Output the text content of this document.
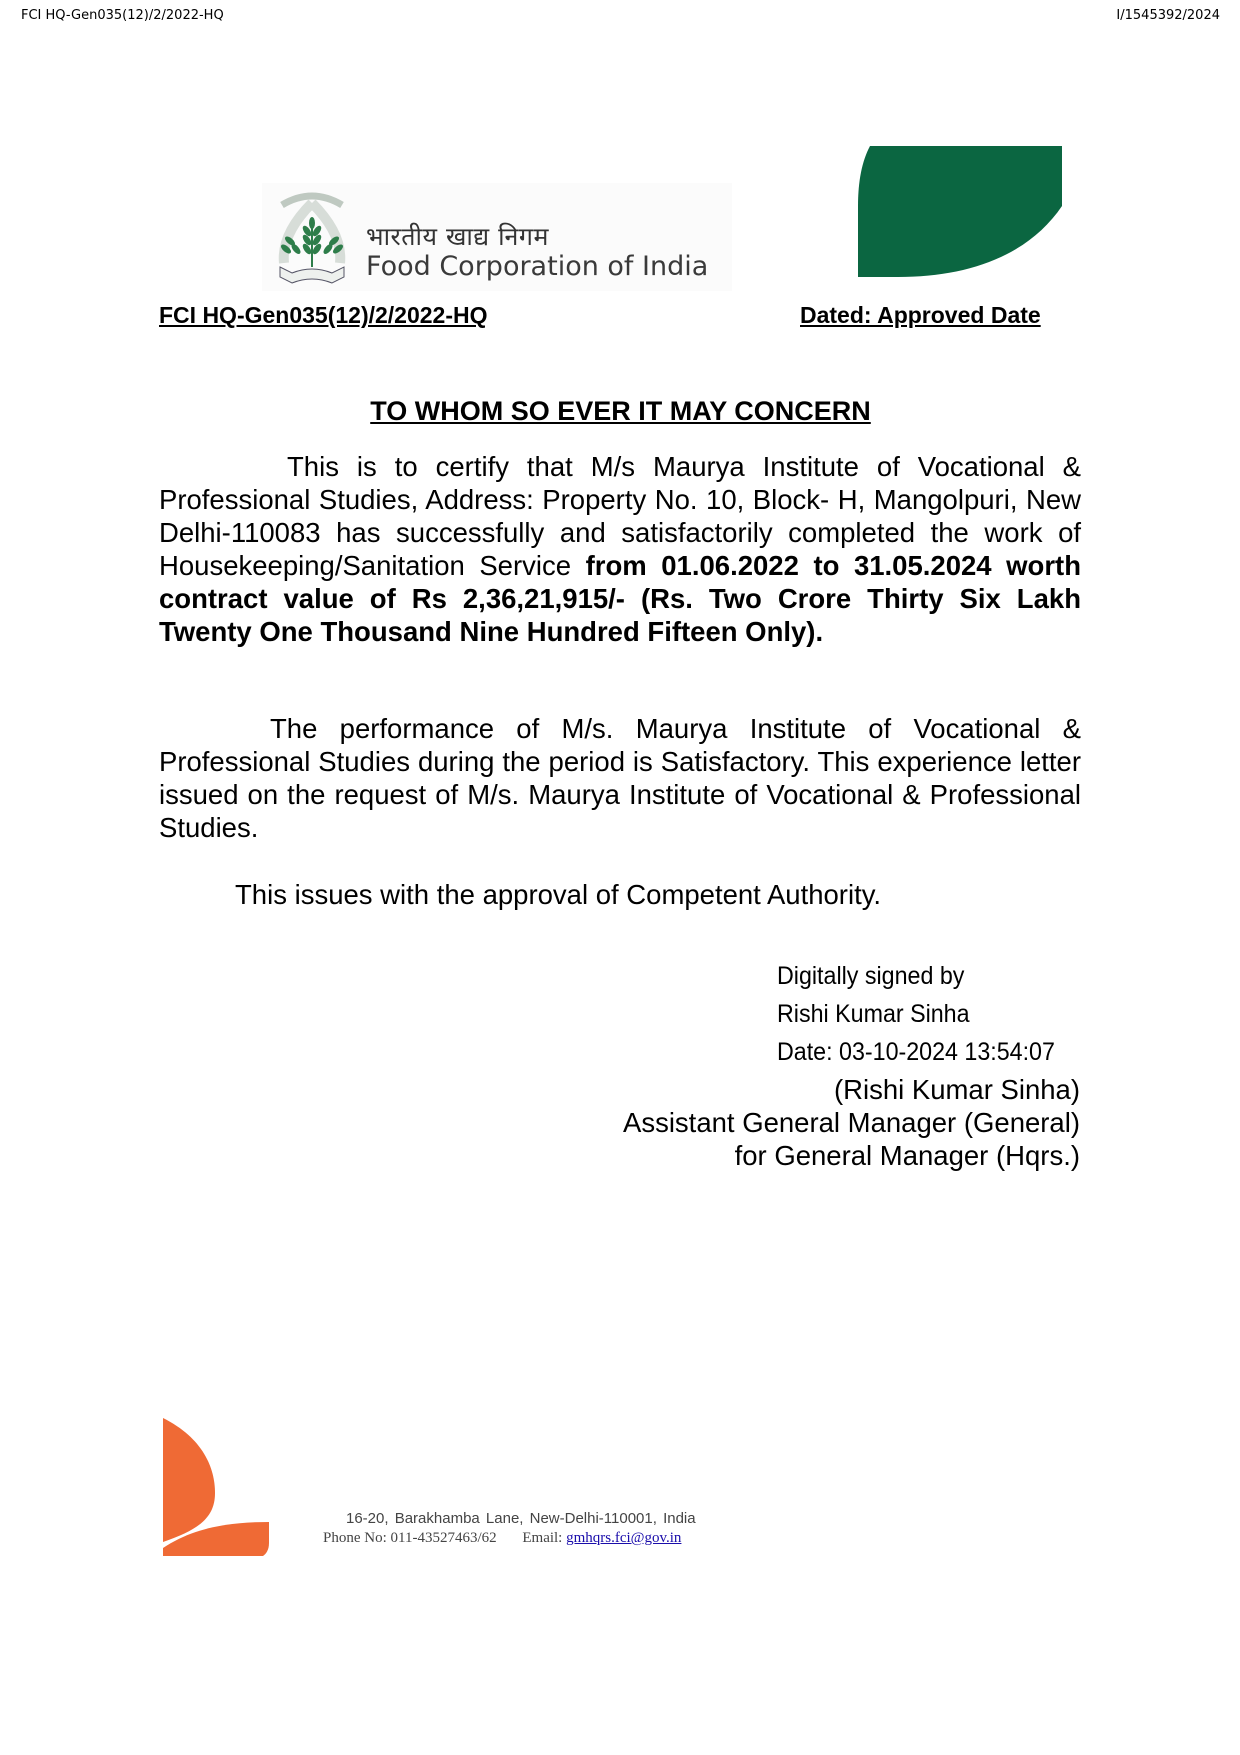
FCI HQ-Gen035(12)/2/2022-HQ	I/1545392/2024
भारतीय खाद्य निगम
Food Corporation of India
FCI HQ-Gen035(12)/2/2022-HQ	Dated: Approved Date
TO WHOM SO EVER IT MAY CONCERN
This is to certify that M/s Maurya Institute of Vocational & Professional Studies, Address: Property No. 10, Block- H, Mangolpuri, New Delhi-110083 has successfully and satisfactorily completed the work of Housekeeping/Sanitation Service from 01.06.2022 to 31.05.2024 worth contract value of Rs 2,36,21,915/- (Rs. Two Crore Thirty Six Lakh Twenty One Thousand Nine Hundred Fifteen Only).
The performance of M/s. Maurya Institute of Vocational & Professional Studies during the period is Satisfactory. This experience letter issued on the request of M/s. Maurya Institute of Vocational & Professional Studies.
This issues with the approval of Competent Authority.
Digitally signed by
Rishi Kumar Sinha
Date: 03-10-2024 13:54:07
(Rishi Kumar Sinha)
Assistant General Manager (General)
for General Manager (Hqrs.)
16-20, Barakhamba Lane, New-Delhi-110001, India
Phone No: 011-43527463/62 Email: gmhqrs.fci@gov.in
